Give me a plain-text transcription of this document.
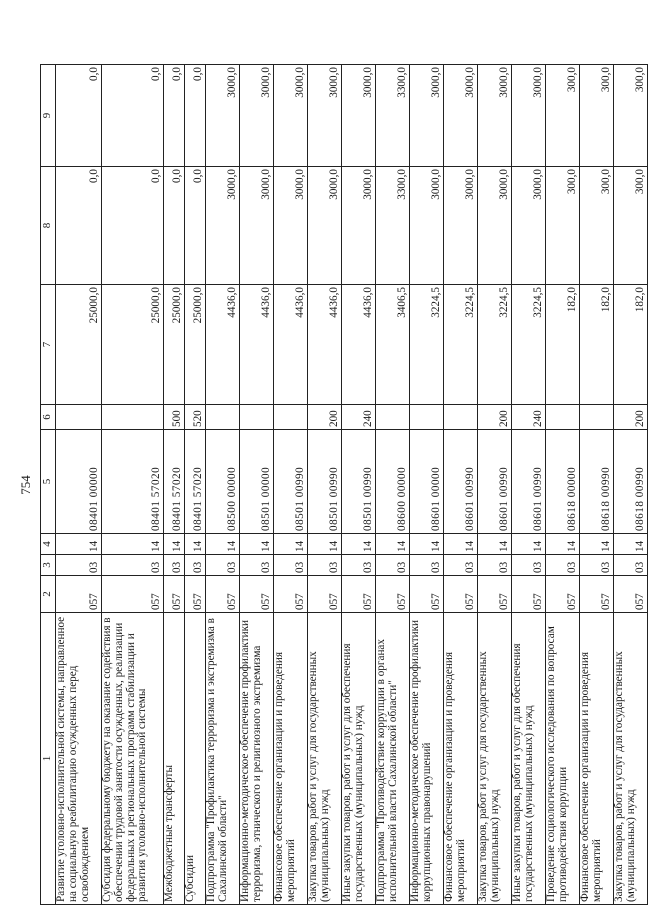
754
1	2	3	4	5	6	7	8	9
Развитие уголовно-исполнительной системы, направленное на социальную реабилитацию осужденных перед освобождением	057	03	14	08401 00000		25000,0	0,0	0,0
Субсидия федеральному бюджету на оказание содействия в обеспечении трудовой занятости осужденных, реализации федеральных и региональных программ стабилизации и развития уголовно-исполнительной системы	057	03	14	08401 57020		25000,0	0,0	0,0
Межбюджетные трансферты	057	03	14	08401 57020	500	25000,0	0,0	0,0
Субсидии	057	03	14	08401 57020	520	25000,0	0,0	0,0
Подпрограмма "Профилактика терроризма и экстремизма в Сахалинской области"	057	03	14	08500 00000		4436,0	3000,0	3000,0
Информационно-методическое обеспечение профилактики терроризма, этнического и религиозного экстремизма	057	03	14	08501 00000		4436,0	3000,0	3000,0
Финансовое обеспечение организации и проведения мероприятий	057	03	14	08501 00990		4436,0	3000,0	3000,0
Закупка товаров, работ и услуг для государственных (муниципальных) нужд	057	03	14	08501 00990	200	4436,0	3000,0	3000,0
Иные закупки товаров, работ и услуг для обеспечения государственных (муниципальных) нужд	057	03	14	08501 00990	240	4436,0	3000,0	3000,0
Подпрограмма "Противодействие коррупции в органах исполнительной власти Сахалинской области"	057	03	14	08600 00000		3406,5	3300,0	3300,0
Информационно-методическое обеспечение профилактики коррупционных правонарушений	057	03	14	08601 00000		3224,5	3000,0	3000,0
Финансовое обеспечение организации и проведения мероприятий	057	03	14	08601 00990		3224,5	3000,0	3000,0
Закупка товаров, работ и услуг для государственных (муниципальных) нужд	057	03	14	08601 00990	200	3224,5	3000,0	3000,0
Иные закупки товаров, работ и услуг для обеспечения государственных (муниципальных) нужд	057	03	14	08601 00990	240	3224,5	3000,0	3000,0
Проведение социологического исследования по вопросам противодействия коррупции	057	03	14	08618 00000		182,0	300,0	300,0
Финансовое обеспечение организации и проведения мероприятий	057	03	14	08618 00990		182,0	300,0	300,0
Закупка товаров, работ и услуг для государственных (муниципальных) нужд	057	03	14	08618 00990	200	182,0	300,0	300,0
